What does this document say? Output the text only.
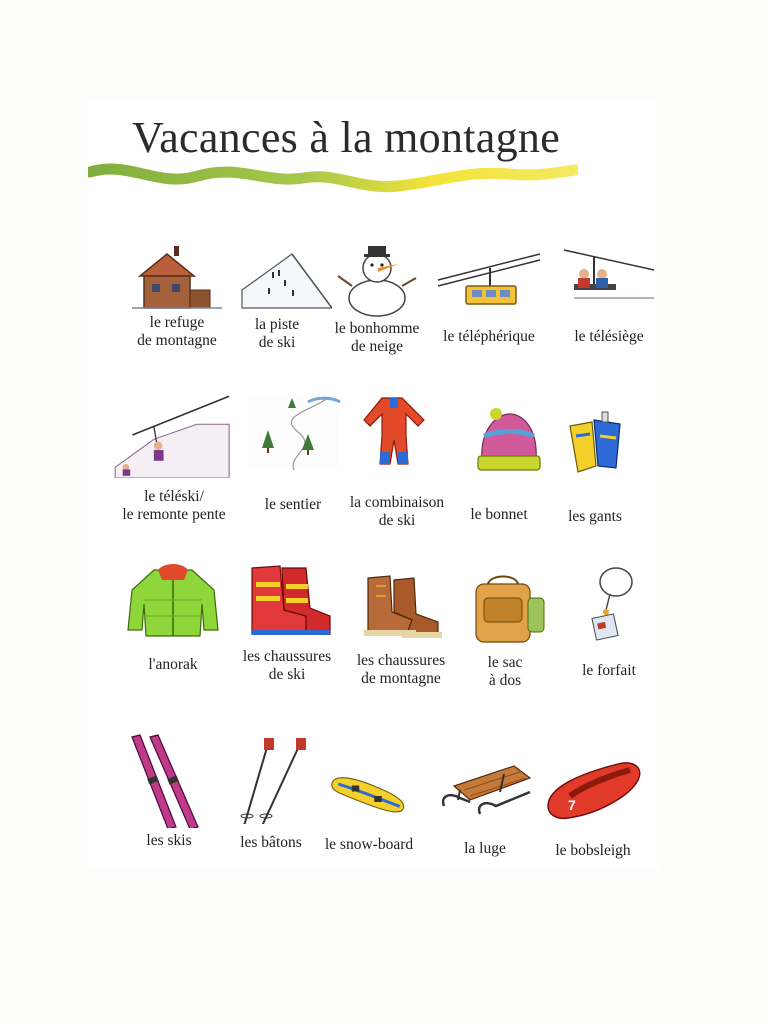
Vacances à la montagne
le refuge
de montagne
la piste
de ski
le bonhomme
de neige
le téléphérique	le télésiège
le téléski/
le remonte pente
le sentier	la combinaison
de ski	le bonnet	les gants
l'anorak	les chaussures
de ski
les chaussures
de montagne
le sac
à dos
le forfait
les skis	les bâtons	le snow-board	la luge
7
le bobsleigh
